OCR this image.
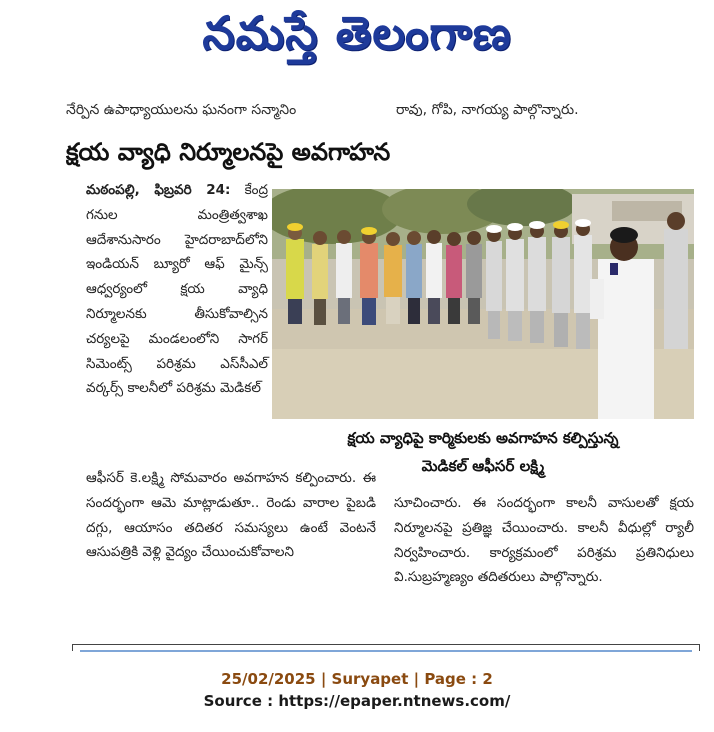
నమస్తే తెలంగాణ
నేర్పిన ఉపాధ్యాయులను ఘనంగా సన్మానిం	రావు, గోపి, నాగయ్య పాల్గొన్నారు.
క్షయ వ్యాధి నిర్మూలనపై అవగాహన
మఠంపల్లి, ఫిబ్రవరి 24: కేంద్ర గనుల మంత్రిత్వశాఖ ఆదేశానుసారం హైదరాబాద్‌లోని ఇండియన్ బ్యూరో ఆఫ్ మైన్స్ ఆధ్వర్యంలో క్షయ వ్యాధి నిర్మూలనకు తీసుకోవాల్సిన చర్యలపై మండలంలోని సాగర్ సిమెంట్స్ పరిశ్రమ ఎస్‌సీఎల్ వర్కర్స్ కాలనీలో పరిశ్రమ మెడికల్
క్షయ వ్యాధిపై కార్మికులకు అవగాహన కల్పిస్తున్న
మెడికల్ ఆఫీసర్ లక్ష్మి
ఆఫీసర్ కె.లక్ష్మి సోమవారం అవగాహన కల్పించారు. ఈ సందర్భంగా ఆమె మాట్లాడుతూ.. రెండు వారాల పైబడి దగ్గు, ఆయాసం తదితర సమస్యలు ఉంటే వెంటనే ఆసుపత్రికి వెళ్లి వైద్యం చేయించుకోవాలని
సూచించారు. ఈ సందర్భంగా కాలనీ వాసులతో క్షయ నిర్మూలనపై ప్రతిజ్ఞ చేయించారు. కాలనీ వీధుల్లో ర్యాలీ నిర్వహించారు. కార్యక్రమంలో పరిశ్రమ ప్రతినిధులు వి.సుబ్రహ్మణ్యం తదితరులు పాల్గొన్నారు.
25/02/2025 | Suryapet | Page : 2
Source : https://epaper.ntnews.com/
